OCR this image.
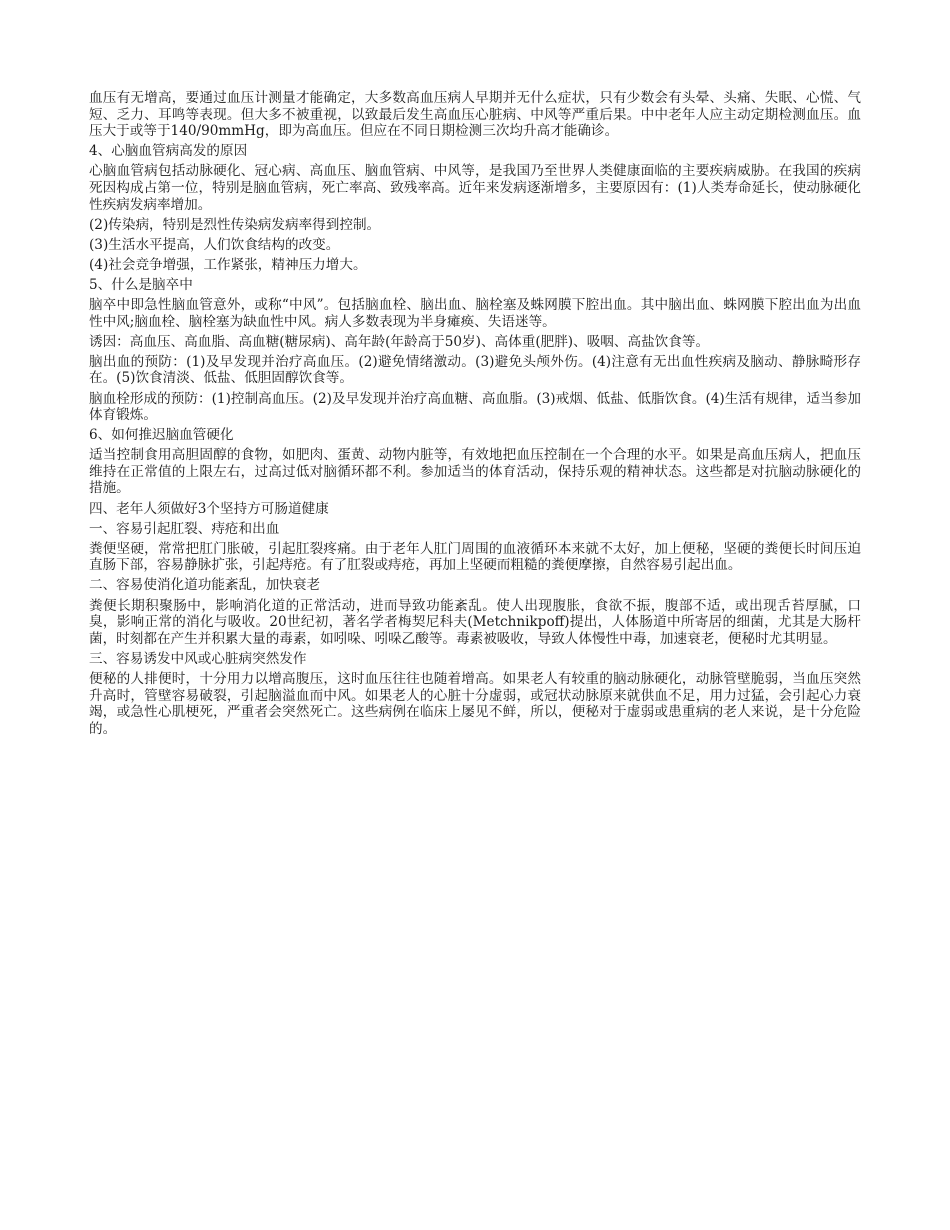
血压有无增高，要通过血压计测量才能确定，大多数高血压病人早期并无什么症状，只有少数会有头晕、头痛、失眠、心慌、气短、乏力、耳鸣等表现。但大多不被重视，以致最后发生高血压心脏病、中风等严重后果。中中老年人应主动定期检测血压。血压大于或等于140/90mmHg，即为高血压。但应在不同日期检测三次均升高才能确诊。

4、心脑血管病高发的原因

心脑血管病包括动脉硬化、冠心病、高血压、脑血管病、中风等，是我国乃至世界人类健康面临的主要疾病威胁。在我国的疾病死因构成占第一位，特别是脑血管病，死亡率高、致残率高。近年来发病逐渐增多，主要原因有：(1)人类寿命延长，使动脉硬化性疾病发病率增加。

(2)传染病，特别是烈性传染病发病率得到控制。

(3)生活水平提高，人们饮食结构的改变。

(4)社会竞争增强，工作紧张，精神压力增大。

5、什么是脑卒中

脑卒中即急性脑血管意外，或称“中风”。包括脑血栓、脑出血、脑栓塞及蛛网膜下腔出血。其中脑出血、蛛网膜下腔出血为出血性中风;脑血栓、脑栓塞为缺血性中风。病人多数表现为半身瘫痪、失语迷等。

诱因：高血压、高血脂、高血糖(糖尿病)、高年龄(年龄高于50岁)、高体重(肥胖)、吸咽、高盐饮食等。

脑出血的预防：(1)及早发现并治疗高血压。(2)避免情绪激动。(3)避免头颅外伤。(4)注意有无出血性疾病及脑动、静脉畸形存在。(5)饮食清淡、低盐、低胆固醇饮食等。

脑血栓形成的预防：(1)控制高血压。(2)及早发现并治疗高血糖、高血脂。(3)戒烟、低盐、低脂饮食。(4)生活有规律，适当参加体育锻炼。

6、如何推迟脑血管硬化

适当控制食用高胆固醇的食物，如肥肉、蛋黄、动物内脏等，有效地把血压控制在一个合理的水平。如果是高血压病人，把血压维持在正常值的上限左右，过高过低对脑循环都不利。参加适当的体育活动，保持乐观的精神状态。这些都是对抗脑动脉硬化的措施。

四、老年人须做好3个坚持方可肠道健康

一、容易引起肛裂、痔疮和出血

粪便坚硬，常常把肛门胀破，引起肛裂疼痛。由于老年人肛门周围的血液循环本来就不太好，加上便秘，坚硬的粪便长时间压迫直肠下部，容易静脉扩张，引起痔疮。有了肛裂或痔疮，再加上坚硬而粗糙的粪便摩擦，自然容易引起出血。

二、容易使消化道功能紊乱，加快衰老

粪便长期积聚肠中，影响消化道的正常活动，进而导致功能紊乱。使人出现腹胀，食欲不振，腹部不适，或出现舌苔厚腻，口臭，影响正常的消化与吸收。20世纪初，著名学者梅契尼科夫(Metchnikpoff)提出，人体肠道中所寄居的细菌，尤其是大肠杆菌，时刻都在产生并积累大量的毒素，如吲哚、吲哚乙酸等。毒素被吸收，导致人体慢性中毒，加速衰老，便秘时尤其明显。

三、容易诱发中风或心脏病突然发作

便秘的人排便时，十分用力以增高腹压，这时血压往往也随着增高。如果老人有较重的脑动脉硬化，动脉管壁脆弱，当血压突然升高时，管壁容易破裂，引起脑溢血而中风。如果老人的心脏十分虚弱，或冠状动脉原来就供血不足，用力过猛，会引起心力衰竭，或急性心肌梗死，严重者会突然死亡。这些病例在临床上屡见不鲜，所以，便秘对于虚弱或患重病的老人来说，是十分危险的。
